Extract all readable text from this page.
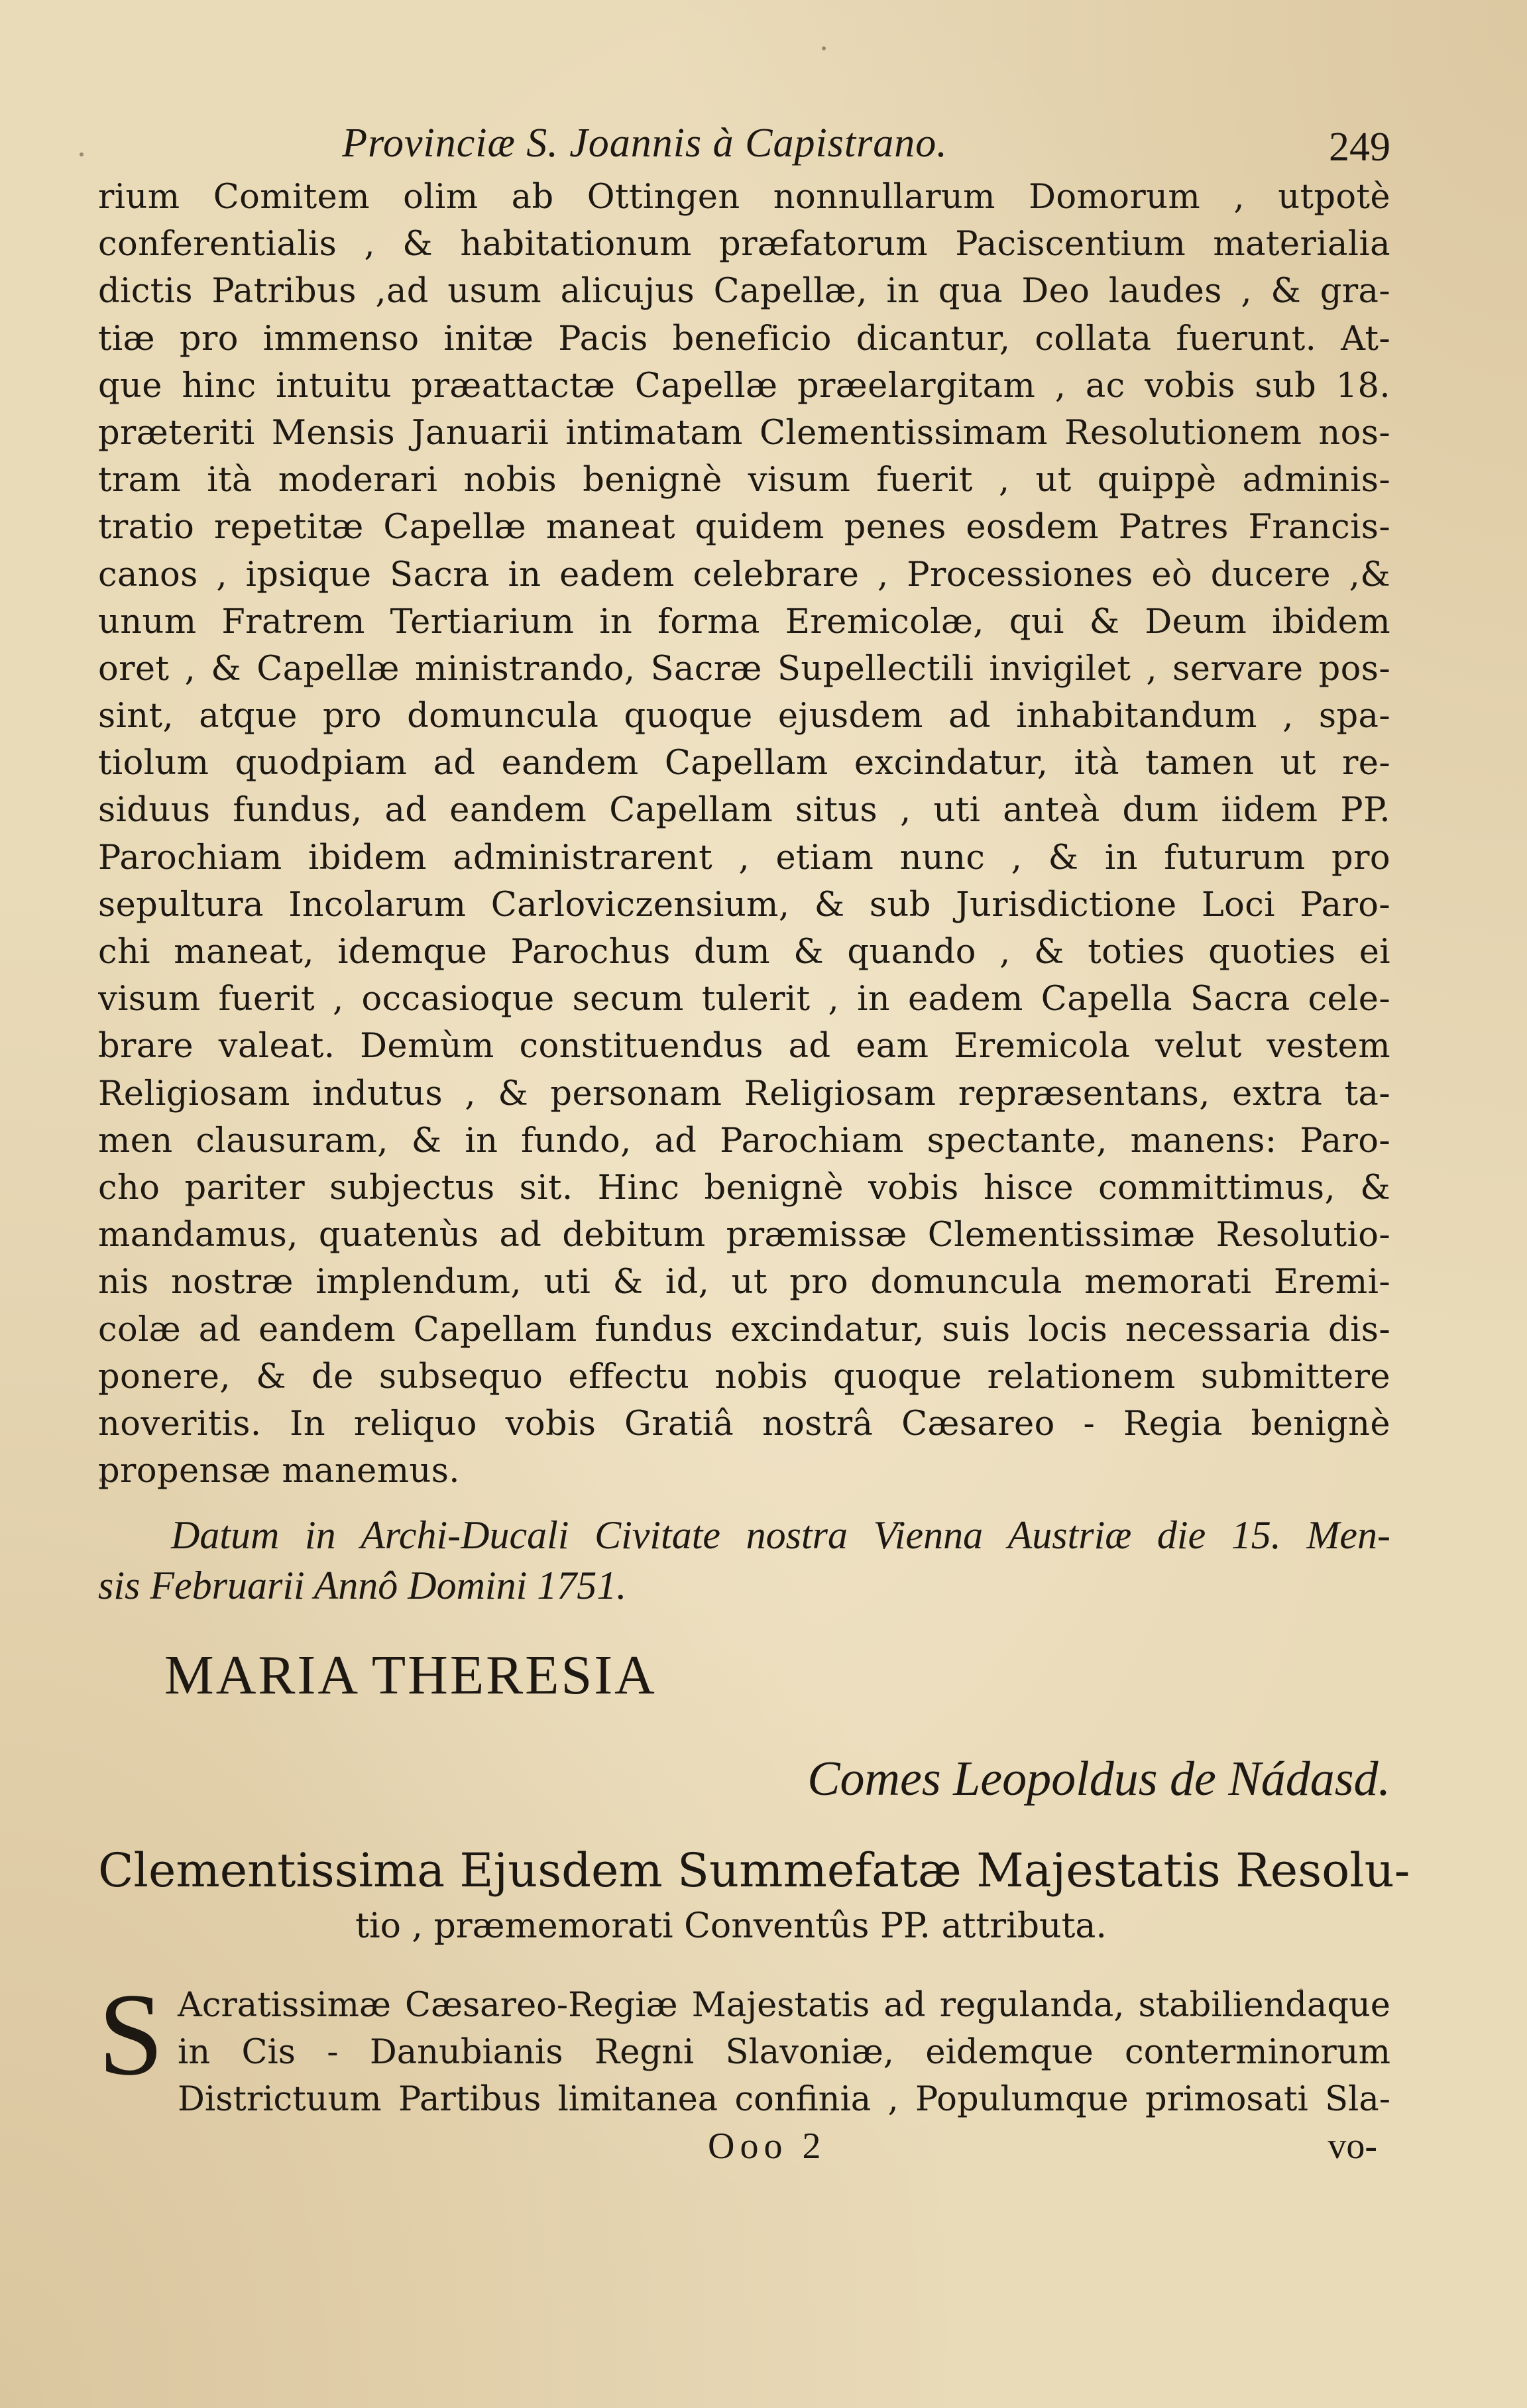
Provinciæ S. Joannis à Capistrano.	249
rium Comitem olim ab Ottingen nonnullarum Domorum , utpotè
conferentialis , & habitationum præfatorum Paciscentium materialia
dictis Patribus ,ad usum alicujus Capellæ, in qua Deo laudes , & gra-
tiæ pro immenso initæ Pacis beneficio dicantur, collata fuerunt. At-
que hinc intuitu præattactæ Capellæ præelargitam , ac vobis sub 18.
præteriti Mensis Januarii intimatam Clementissimam Resolutionem nos-
tram ità moderari nobis benignè visum fuerit , ut quippè adminis-
tratio repetitæ Capellæ maneat quidem penes eosdem Patres Francis-
canos , ipsique Sacra in eadem celebrare , Processiones eò ducere ,&
unum Fratrem Tertiarium in forma Eremicolæ, qui & Deum ibidem
oret , & Capellæ ministrando, Sacræ Supellectili invigilet , servare pos-
sint, atque pro domuncula quoque ejusdem ad inhabitandum , spa-
tiolum quodpiam ad eandem Capellam excindatur, ità tamen ut re-
siduus fundus, ad eandem Capellam situs , uti anteà dum iidem PP.
Parochiam ibidem administrarent , etiam nunc , & in futurum pro
sepultura Incolarum Carloviczensium, & sub Jurisdictione Loci Paro-
chi maneat, idemque Parochus dum & quando , & toties quoties ei
visum fuerit , occasioque secum tulerit , in eadem Capella Sacra cele-
brare valeat. Demùm constituendus ad eam Eremicola velut vestem
Religiosam indutus , & personam Religiosam repræsentans, extra ta-
men clausuram, & in fundo, ad Parochiam spectante, manens: Paro-
cho pariter subjectus sit. Hinc benignè vobis hisce committimus, &
mandamus, quatenùs ad debitum præmissæ Clementissimæ Resolutio-
nis nostræ implendum, uti & id, ut pro domuncula memorati Eremi-
colæ ad eandem Capellam fundus excindatur, suis locis necessaria dis-
ponere, & de subsequo effectu nobis quoque relationem submittere
noveritis. In reliquo vobis Gratiâ nostrâ Cæsareo - Regia benignè
propensæ manemus.
Datum in Archi-Ducali Civitate nostra Vienna Austriæ die 15. Men-
sis Februarii Annô Domini 1751.
MARIA THERESIA
Comes Leopoldus de Nádasd.
Clementissima Ejusdem Summefatæ Majestatis Resolu-
tio , præmemorati Conventûs PP. attributa.
S Acratissimæ Cæsareo-Regiæ Majestatis ad regulanda, stabiliendaque
in Cis - Danubianis Regni Slavoniæ, eidemque conterminorum
Districtuum Partibus limitanea confinia , Populumque primosati Sla-
Ooo 2	vo-
